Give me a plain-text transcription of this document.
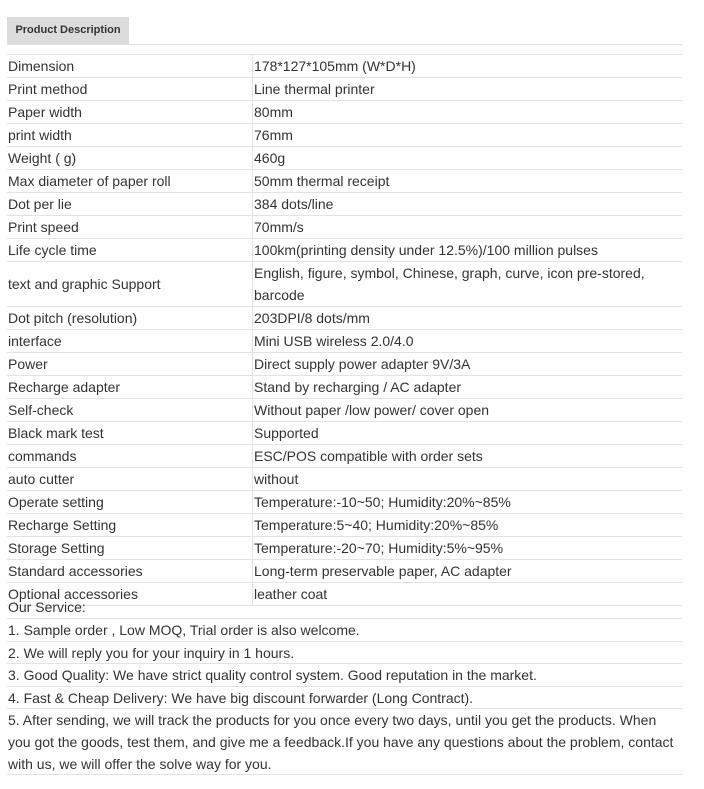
Product Description
Dimension	178*127*105mm (W*D*H)
Print method	Line thermal printer
Paper width	80mm
print width	76mm
Weight ( g)	460g
Max diameter of paper roll	50mm thermal receipt
Dot per lie	384 dots/line
Print speed	70mm/s
Life cycle time	100km(printing density under 12.5%)/100 million pulses
text and graphic Support	English, figure, symbol, Chinese, graph, curve, icon pre-stored, barcode
Dot pitch (resolution)	203DPI/8 dots/mm
interface	Mini USB wireless 2.0/4.0
Power	Direct supply power adapter 9V/3A
Recharge adapter	Stand by recharging / AC adapter
Self-check	Without paper /low power/ cover open
Black mark test	Supported
commands	ESC/POS compatible with order sets
auto cutter	without
Operate setting	Temperature:-10~50; Humidity:20%~85%
Recharge Setting	Temperature:5~40; Humidity:20%~85%
Storage Setting	Temperature:-20~70; Humidity:5%~95%
Standard accessories	Long-term preservable paper, AC adapter
Optional accessories	leather coat
Our Service:
1. Sample order , Low MOQ, Trial order is also welcome.
2. We will reply you for your inquiry in 1 hours.
3. Good Quality: We have strict quality control system. Good reputation in the market.
4. Fast & Cheap Delivery: We have big discount forwarder (Long Contract).
5. After sending, we will track the products for you once every two days, until you get the products. When you got the goods, test them, and give me a feedback.If you have any questions about the problem, contact with us, we will offer the solve way for you.
